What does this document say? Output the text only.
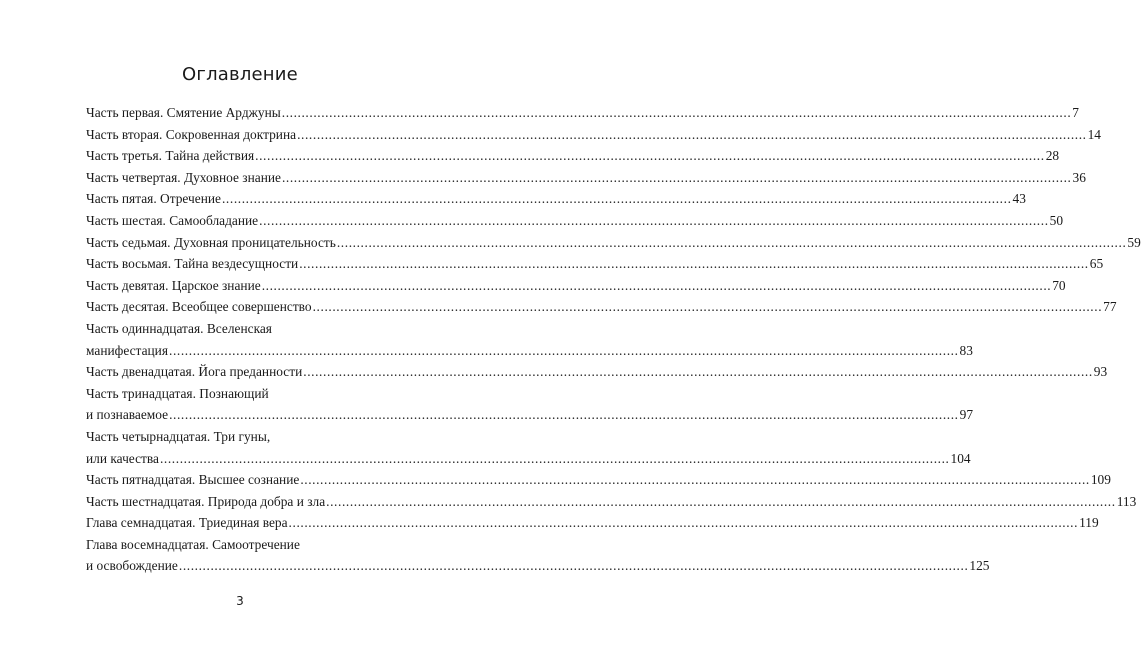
Оглавление
Часть первая. Смятение Арджуны ........................................................................................................................................................................................................ 7
Часть вторая. Сокровенная доктрина ........................................................................................................................................................................................................ 14
Часть третья. Тайна действия ........................................................................................................................................................................................................ 28
Часть четвертая. Духовное знание ........................................................................................................................................................................................................ 36
Часть пятая. Отречение ........................................................................................................................................................................................................ 43
Часть шестая. Самообладание ........................................................................................................................................................................................................ 50
Часть седьмая. Духовная проницательность ........................................................................................................................................................................................................ 59
Часть восьмая. Тайна вездесущности ........................................................................................................................................................................................................ 65
Часть девятая. Царское знание ........................................................................................................................................................................................................ 70
Часть десятая. Всеобщее совершенство ........................................................................................................................................................................................................ 77
Часть одиннадцатая. Вселенская
манифестация ........................................................................................................................................................................................................ 83
Часть двенадцатая. Йога преданности ........................................................................................................................................................................................................ 93
Часть тринадцатая. Познающий
и познаваемое ........................................................................................................................................................................................................ 97
Часть четырнадцатая. Три гуны,
или качества ........................................................................................................................................................................................................ 104
Часть пятнадцатая. Высшее сознание ........................................................................................................................................................................................................ 109
Часть шестнадцатая. Природа добра и зла ........................................................................................................................................................................................................ 113
Глава семнадцатая. Триединая вера ........................................................................................................................................................................................................ 119
Глава восемнадцатая. Самоотречение
и освобождение ........................................................................................................................................................................................................ 125
3
